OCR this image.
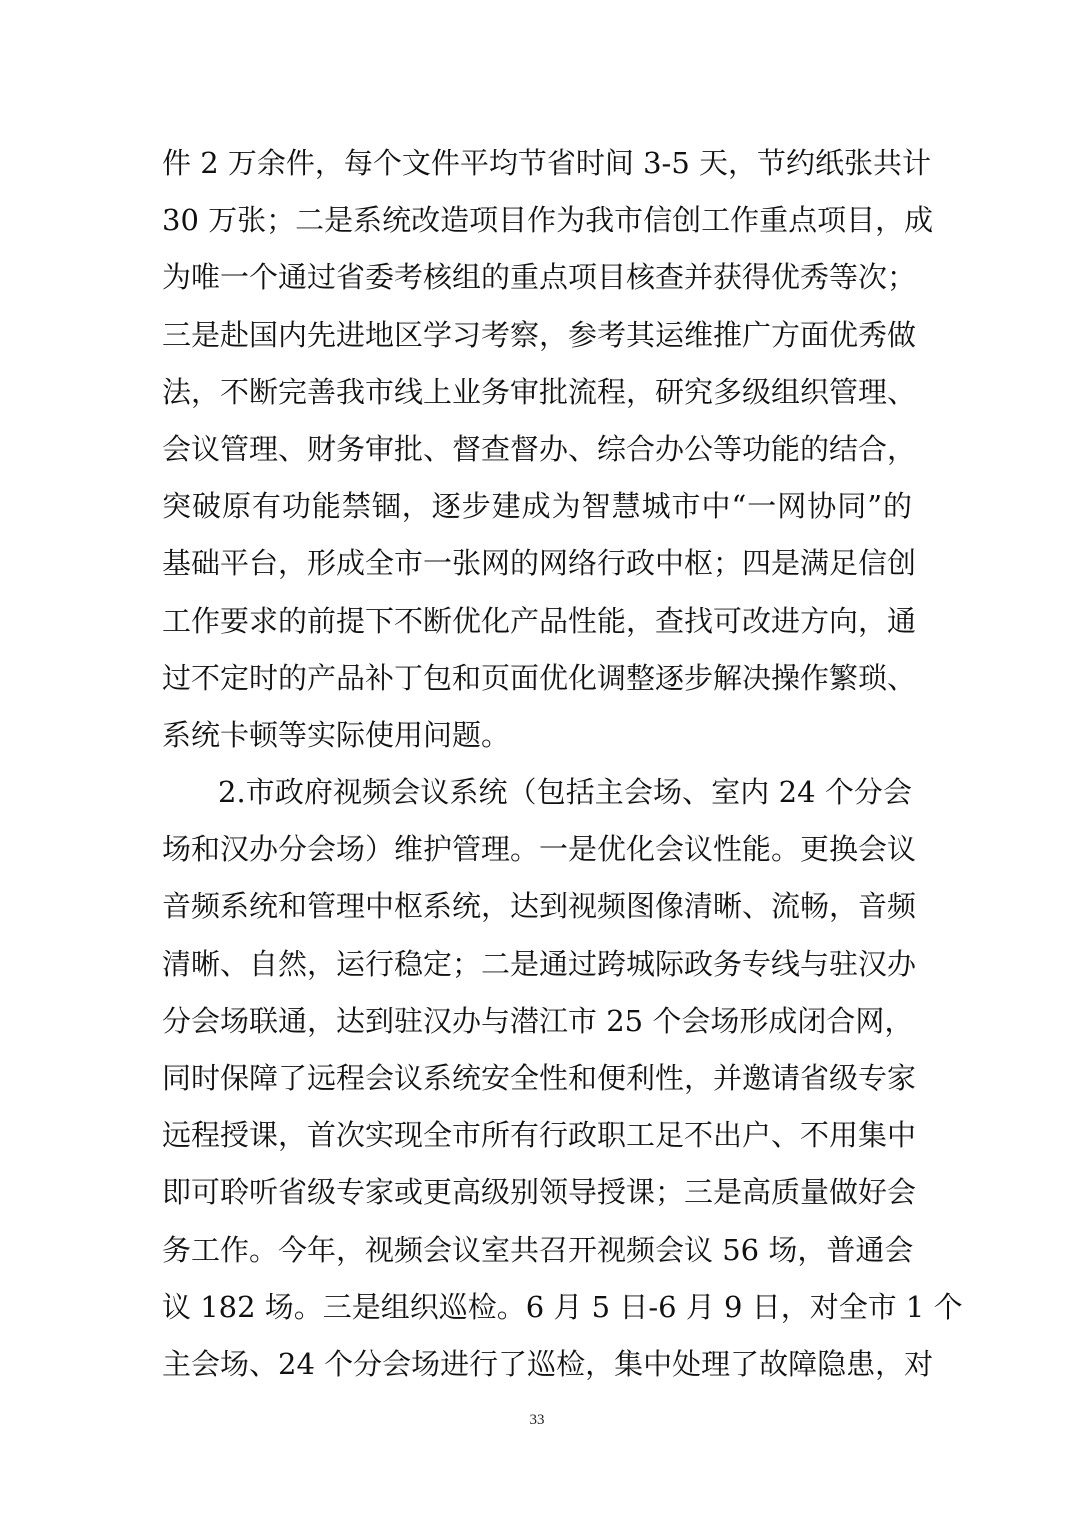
件 2 万余件，每个文件平均节省时间 3-5 天，节约纸张共计
30 万张；二是系统改造项目作为我市信创工作重点项目，成
为唯一个通过省委考核组的重点项目核查并获得优秀等次；
三是赴国内先进地区学习考察，参考其运维推广方面优秀做
法，不断完善我市线上业务审批流程，研究多级组织管理、
会议管理、财务审批、督查督办、综合办公等功能的结合，
突破原有功能禁锢，逐步建成为智慧城市中“一网协同”的
基础平台，形成全市一张网的网络行政中枢；四是满足信创
工作要求的前提下不断优化产品性能，查找可改进方向，通
过不定时的产品补丁包和页面优化调整逐步解决操作繁琐、
系统卡顿等实际使用问题。
2.市政府视频会议系统（包括主会场、室内 24 个分会
场和汉办分会场）维护管理。一是优化会议性能。更换会议
音频系统和管理中枢系统，达到视频图像清晰、流畅，音频
清晰、自然，运行稳定；二是通过跨城际政务专线与驻汉办
分会场联通，达到驻汉办与潜江市 25 个会场形成闭合网，
同时保障了远程会议系统安全性和便利性，并邀请省级专家
远程授课，首次实现全市所有行政职工足不出户、不用集中
即可聆听省级专家或更高级别领导授课；三是高质量做好会
务工作。今年，视频会议室共召开视频会议 56 场，普通会
议 182 场。三是组织巡检。6 月 5 日-6 月 9 日，对全市 1 个
主会场、24 个分会场进行了巡检，集中处理了故障隐患，对
33
